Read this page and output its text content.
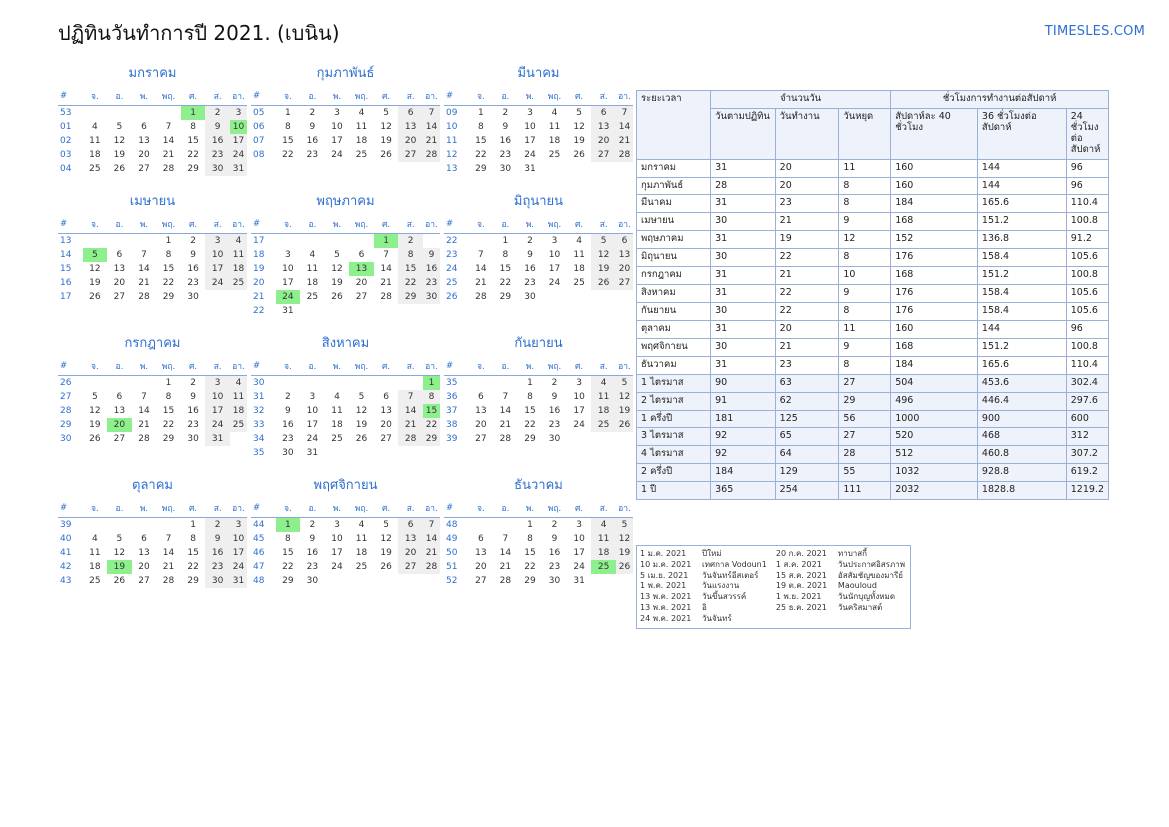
ปฏิทินวันทำการปี 2021. (เบนิน)	TIMESLES.COM
มกราคม
#	จ.	อ.	พ.	พฤ.	ศ.	ส.	อา.
53					1	2	3
01	4	5	6	7	8	9	10
02	11	12	13	14	15	16	17
03	18	19	20	21	22	23	24
04	25	26	27	28	29	30	31
กุมภาพันธ์
#	จ.	อ.	พ.	พฤ.	ศ.	ส.	อา.
05	1	2	3	4	5	6	7
06	8	9	10	11	12	13	14
07	15	16	17	18	19	20	21
08	22	23	24	25	26	27	28
มีนาคม
#	จ.	อ.	พ.	พฤ.	ศ.	ส.	อา.
09	1	2	3	4	5	6	7
10	8	9	10	11	12	13	14
11	15	16	17	18	19	20	21
12	22	23	24	25	26	27	28
13	29	30	31				
เมษายน
#	จ.	อ.	พ.	พฤ.	ศ.	ส.	อา.
13				1	2	3	4
14	5	6	7	8	9	10	11
15	12	13	14	15	16	17	18
16	19	20	21	22	23	24	25
17	26	27	28	29	30		
พฤษภาคม
#	จ.	อ.	พ.	พฤ.	ศ.	ส.	อา.
17					1	2	
18	3	4	5	6	7	8	9
19	10	11	12	13	14	15	16
20	17	18	19	20	21	22	23
21	24	25	26	27	28	29	30
22	31						
มิถุนายน
#	จ.	อ.	พ.	พฤ.	ศ.	ส.	อา.
22		1	2	3	4	5	6
23	7	8	9	10	11	12	13
24	14	15	16	17	18	19	20
25	21	22	23	24	25	26	27
26	28	29	30				
กรกฎาคม
#	จ.	อ.	พ.	พฤ.	ศ.	ส.	อา.
26				1	2	3	4
27	5	6	7	8	9	10	11
28	12	13	14	15	16	17	18
29	19	20	21	22	23	24	25
30	26	27	28	29	30	31	
สิงหาคม
#	จ.	อ.	พ.	พฤ.	ศ.	ส.	อา.
30							1
31	2	3	4	5	6	7	8
32	9	10	11	12	13	14	15
33	16	17	18	19	20	21	22
34	23	24	25	26	27	28	29
35	30	31					
กันยายน
#	จ.	อ.	พ.	พฤ.	ศ.	ส.	อา.
35			1	2	3	4	5
36	6	7	8	9	10	11	12
37	13	14	15	16	17	18	19
38	20	21	22	23	24	25	26
39	27	28	29	30			
ตุลาคม
#	จ.	อ.	พ.	พฤ.	ศ.	ส.	อา.
39					1	2	3
40	4	5	6	7	8	9	10
41	11	12	13	14	15	16	17
42	18	19	20	21	22	23	24
43	25	26	27	28	29	30	31
พฤศจิกายน
#	จ.	อ.	พ.	พฤ.	ศ.	ส.	อา.
44	1	2	3	4	5	6	7
45	8	9	10	11	12	13	14
46	15	16	17	18	19	20	21
47	22	23	24	25	26	27	28
48	29	30					
ธันวาคม
#	จ.	อ.	พ.	พฤ.	ศ.	ส.	อา.
48			1	2	3	4	5
49	6	7	8	9	10	11	12
50	13	14	15	16	17	18	19
51	20	21	22	23	24	25	26
52	27	28	29	30	31		
ระยะเวลา	จำนวนวัน			ชั่วโมงการทำงานต่อสัปดาห์		
	วันตามปฏิทิน	วันทำงาน	วันหยุด	สัปดาห์ละ 40 ชั่วโมง	36 ชั่วโมงต่อสัปดาห์	24 ชั่วโมงต่อสัปดาห์
มกราคม	31	20	11	160	144	96
กุมภาพันธ์	28	20	8	160	144	96
มีนาคม	31	23	8	184	165.6	110.4
เมษายน	30	21	9	168	151.2	100.8
พฤษภาคม	31	19	12	152	136.8	91.2
มิถุนายน	30	22	8	176	158.4	105.6
กรกฎาคม	31	21	10	168	151.2	100.8
สิงหาคม	31	22	9	176	158.4	105.6
กันยายน	30	22	8	176	158.4	105.6
ตุลาคม	31	20	11	160	144	96
พฤศจิกายน	30	21	9	168	151.2	100.8
ธันวาคม	31	23	8	184	165.6	110.4
1 ไตรมาส	90	63	27	504	453.6	302.4
2 ไตรมาส	91	62	29	496	446.4	297.6
1 ครึ่งปี	181	125	56	1000	900	600
3 ไตรมาส	92	65	27	520	468	312
4 ไตรมาส	92	64	28	512	460.8	307.2
2 ครึ่งปี	184	129	55	1032	928.8	619.2
1 ปี	365	254	111	2032	1828.8	1219.2
1 ม.ค. 2021	ปีใหม่
10 ม.ค. 2021	เทศกาล Vodoun1
5 เม.ย. 2021	วันจันทร์อีสเตอร์
1 พ.ค. 2021	วันแรงงาน
13 พ.ค. 2021	วันขึ้นสวรรค์
13 พ.ค. 2021	อิ
24 พ.ค. 2021	วันจันทร์
20 ก.ค. 2021	ทาบาสกี้
1 ส.ค. 2021	วันประกาศอิสรภาพ
15 ส.ค. 2021	อัสสัมชัญของมารีย์
19 ต.ค. 2021	Maouloud
1 พ.ย. 2021	วันนักบุญทั้งหมด
25 ธ.ค. 2021	วันคริสมาสต์
